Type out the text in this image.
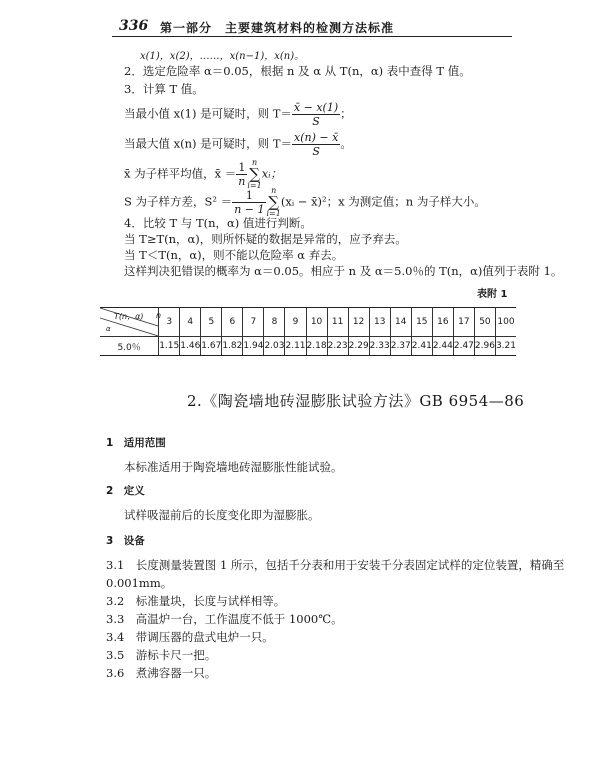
336 第一部分　主要建筑材料的检测方法标准
x(1)，x(2)，……，x(n−1)，x(n)。
2．选定危险率 α＝0.05，根据 n 及 α 从 T(n，α) 表中查得 T 值。
3．计算 T 值。
当最小值 x(1) 是可疑时，则 $T= \frac{x̄ - x(1)}{S}$ ；
当最大值 x(n) 是可疑时，则 $T= \frac{x(n) - x̄}{S}$ 。
x̄ 为子样平均值，x̄ ＝ $\frac{1}{n}$ n
∑
i=1
xᵢ；
S 为子样方差，$S^2 = \frac{1}{n - 1}$ n
∑
i=1
(xᵢ − x̄)²；x 为测定值；n 为子样大小。
4．比较 T 与 T(n，α) 值进行判断。
当 T≥T(n，α)，则所怀疑的数据是异常的，应予弃去。
当 T＜T(n，α)，则不能以危险率 α 弃去。
这样判决犯错误的概率为 α＝0.05。相应于 n 及 α＝5.0％的 T(n，α)值列于表附 1。
表附 1
T(n，α) n
α	3	4	5	6	7	8	9	10	11	12	13	14	15	16	17	50	100
5.0％	1.15	1.46	1.67	1.82	1.94	2.03	2.11	2.18	2.23	2.29	2.33	2.37	2.41	2.44	2.47	2.96	3.21
2.《陶瓷墙地砖湿膨胀试验方法》GB 6954—86
1　适用范围
本标准适用于陶瓷墙地砖湿膨胀性能试验。
2　定义
试样吸湿前后的长度变化即为湿膨胀。
3　设备
3.1　长度测量装置图 1 所示，包括千分表和用于安装千分表固定试样的定位装置，精确至
0.001mm。
3.2　标准量块，长度与试样相等。
3.3　高温炉一台，工作温度不低于 1000℃。
3.4　带调压器的盘式电炉一只。
3.5　游标卡尺一把。
3.6　煮沸容器一只。
